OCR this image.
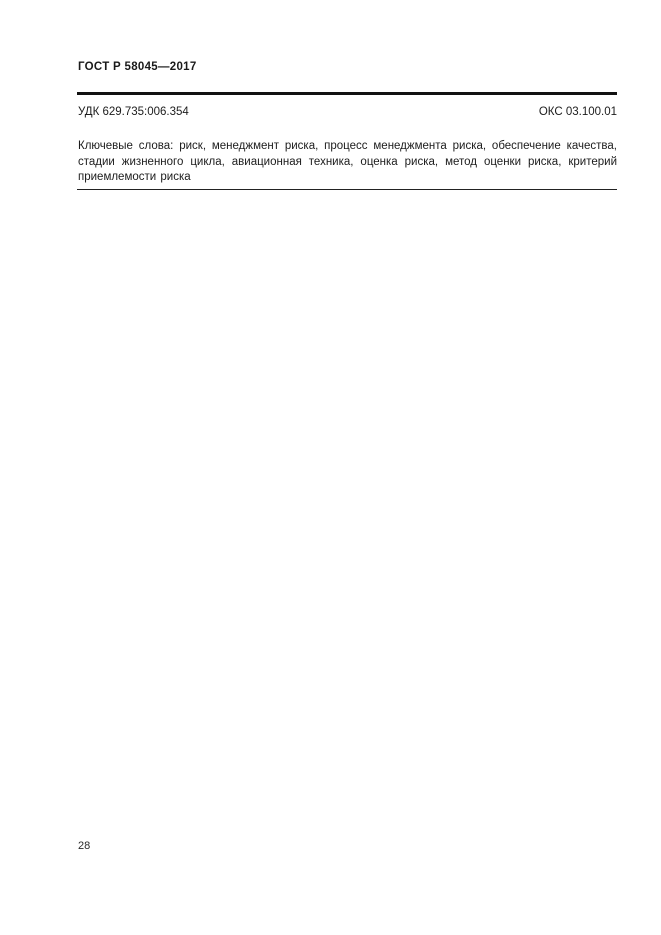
ГОСТ Р 58045—2017
УДК 629.735:006.354	ОКС 03.100.01
Ключевые слова: риск, менеджмент риска, процесс менеджмента риска, обеспечение качества, стадии жизненного цикла, авиационная техника, оценка риска, метод оценки риска, критерий приемлемости риска
28
